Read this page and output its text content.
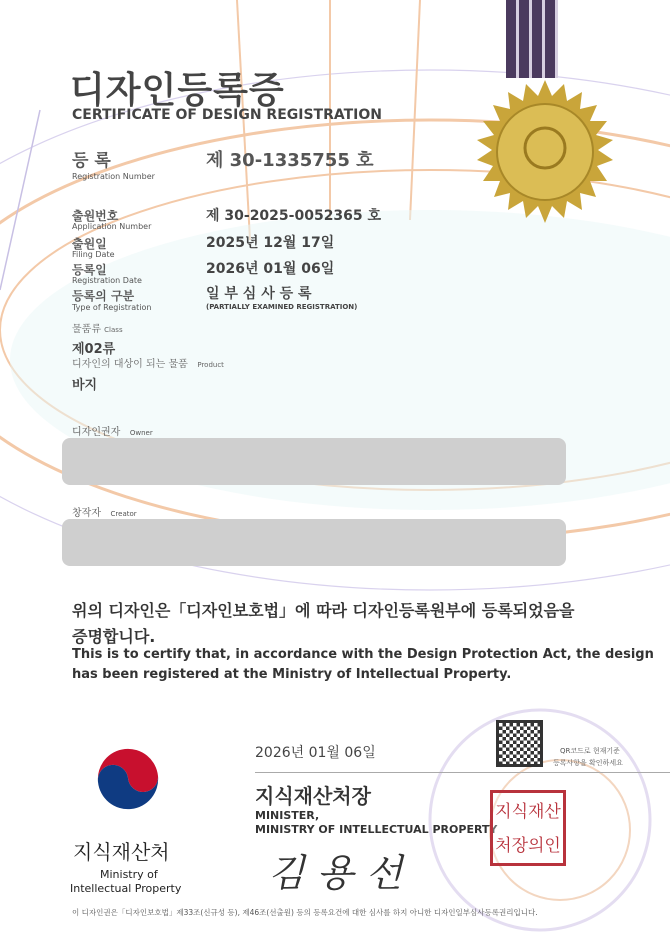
디자인등록증
CERTIFICATE OF DESIGN REGISTRATION
등 록
Registration Number
제 30-1335755 호
출원번호
Application Number
제 30-2025-0052365 호
출원일
Filing Date
2025년 12월 17일
등록일
Registration Date
2026년 01월 06일
등록의 구분
Type of Registration
일 부 심 사 등 록
(PARTIALLY EXAMINED REGISTRATION)
물품류 Class
제02류
디자인의 대상이 되는 물품 Product
바지
디자인권자 Owner
창작자 Creator
위의 디자인은「디자인보호법」에 따라 디자인등록원부에 등록되었음을
증명합니다.
This is to certify that, in accordance with the Design Protection Act, the design
has been registered at the Ministry of Intellectual Property.
지식재산처
Ministry of
Intellectual Property
2026년 01월 06일	QR코드로 현재기준
등록사항을 확인하세요
지식재산처장
MINISTER,
MINISTRY OF INTELLECTUAL PROPERTY
김 용 선
지식재산처장의인
이 디자인권은「디자인보호법」제33조(신규성 등), 제46조(선출원) 등의 등록요건에 대한 심사를 하지 아니한 디자인일부심사등록권리입니다.
